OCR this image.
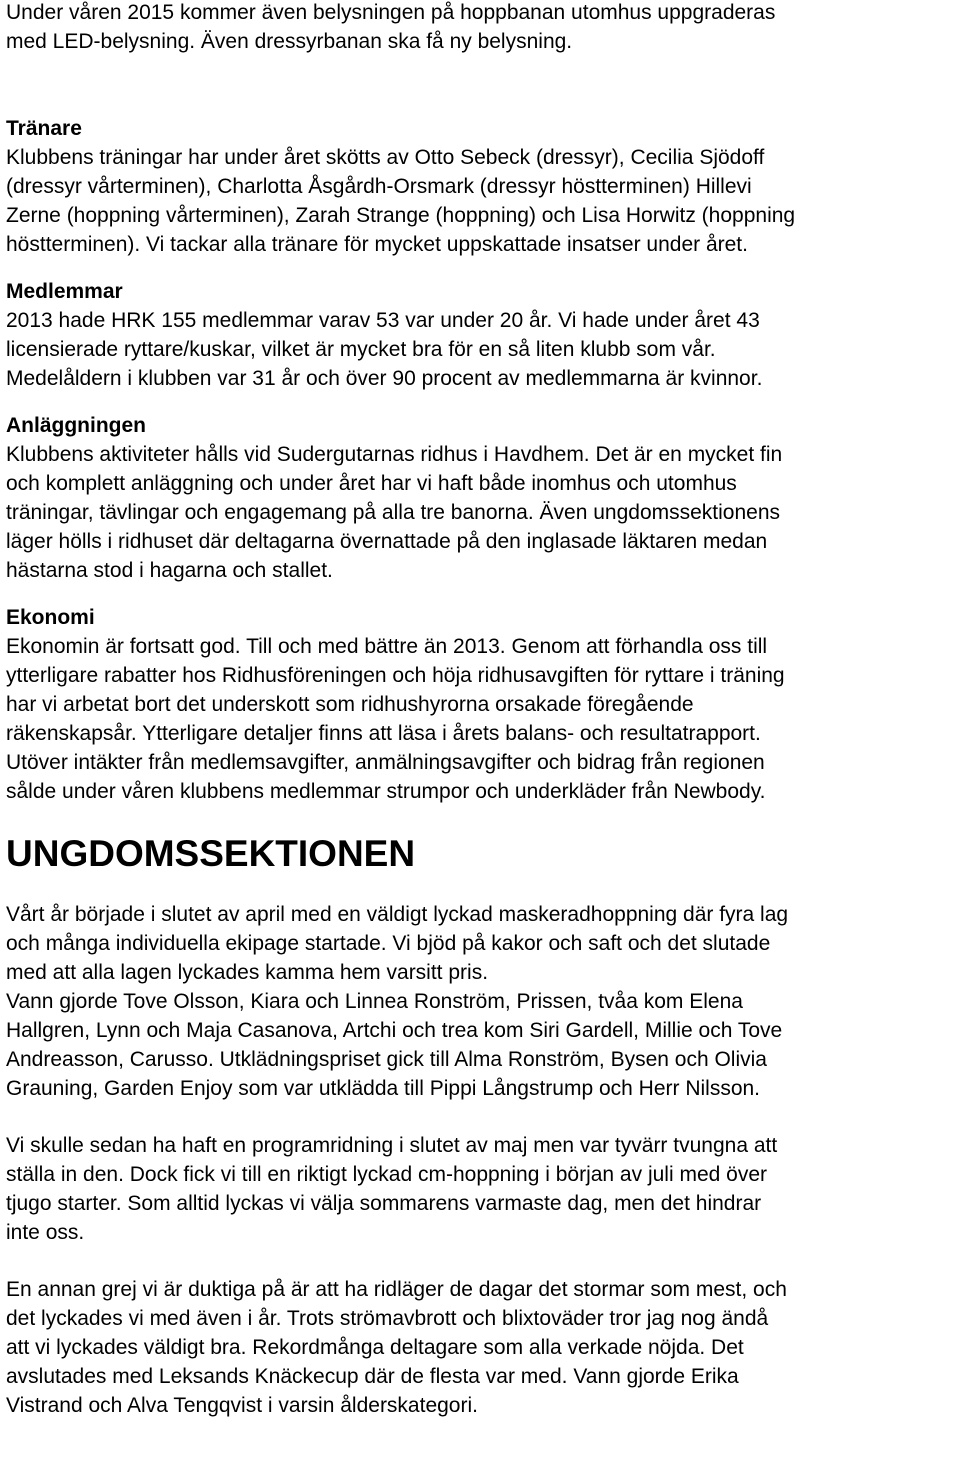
Under våren 2015 kommer även belysningen på hoppbanan utomhus uppgraderas
med LED-belysning. Även dressyrbanan ska få ny belysning.

Tränare

Klubbens träningar har under året skötts av Otto Sebeck (dressyr), Cecilia Sjödoff
(dressyr vårterminen), Charlotta Åsgårdh-Orsmark (dressyr höstterminen) Hillevi
Zerne (hoppning vårterminen), Zarah Strange (hoppning) och Lisa Horwitz (hoppning
höstterminen). Vi tackar alla tränare för mycket uppskattade insatser under året.

Medlemmar

2013 hade HRK 155 medlemmar varav 53 var under 20 år. Vi hade under året 43
licensierade ryttare/kuskar, vilket är mycket bra för en så liten klubb som vår.
Medelåldern i klubben var 31 år och över 90 procent av medlemmarna är kvinnor.

Anläggningen

Klubbens aktiviteter hålls vid Sudergutarnas ridhus i Havdhem. Det är en mycket fin
och komplett anläggning och under året har vi haft både inomhus och utomhus
träningar, tävlingar och engagemang på alla tre banorna. Även ungdomssektionens
läger hölls i ridhuset där deltagarna övernattade på den inglasade läktaren medan
hästarna stod i hagarna och stallet.

Ekonomi

Ekonomin är fortsatt god. Till och med bättre än 2013. Genom att förhandla oss till
ytterligare rabatter hos Ridhusföreningen och höja ridhusavgiften för ryttare i träning
har vi arbetat bort det underskott som ridhushyrorna orsakade föregående
räkenskapsår. Ytterligare detaljer finns att läsa i årets balans- och resultatrapport.
Utöver intäkter från medlemsavgifter, anmälningsavgifter och bidrag från regionen
sålde under våren klubbens medlemmar strumpor och underkläder från Newbody.

UNGDOMSSEKTIONEN

Vårt år började i slutet av april med en väldigt lyckad maskeradhoppning där fyra lag
och många individuella ekipage startade. Vi bjöd på kakor och saft och det slutade
med att alla lagen lyckades kamma hem varsitt pris.
Vann gjorde Tove Olsson, Kiara och Linnea Ronström, Prissen, tvåa kom Elena
Hallgren, Lynn och Maja Casanova, Artchi och trea kom Siri Gardell, Millie och Tove
Andreasson, Carusso. Utklädningspriset gick till Alma Ronström, Bysen och Olivia
Grauning, Garden Enjoy som var utklädda till Pippi Långstrump och Herr Nilsson.

Vi skulle sedan ha haft en programridning i slutet av maj men var tyvärr tvungna att
ställa in den. Dock fick vi till en riktigt lyckad cm-hoppning i början av juli med över
tjugo starter. Som alltid lyckas vi välja sommarens varmaste dag, men det hindrar
inte oss.

En annan grej vi är duktiga på är att ha ridläger de dagar det stormar som mest, och
det lyckades vi med även i år. Trots strömavbrott och blixtoväder tror jag nog ändå
att vi lyckades väldigt bra. Rekordmånga deltagare som alla verkade nöjda. Det
avslutades med Leksands Knäckecup där de flesta var med. Vann gjorde Erika
Vistrand och Alva Tengqvist i varsin ålderskategori.
